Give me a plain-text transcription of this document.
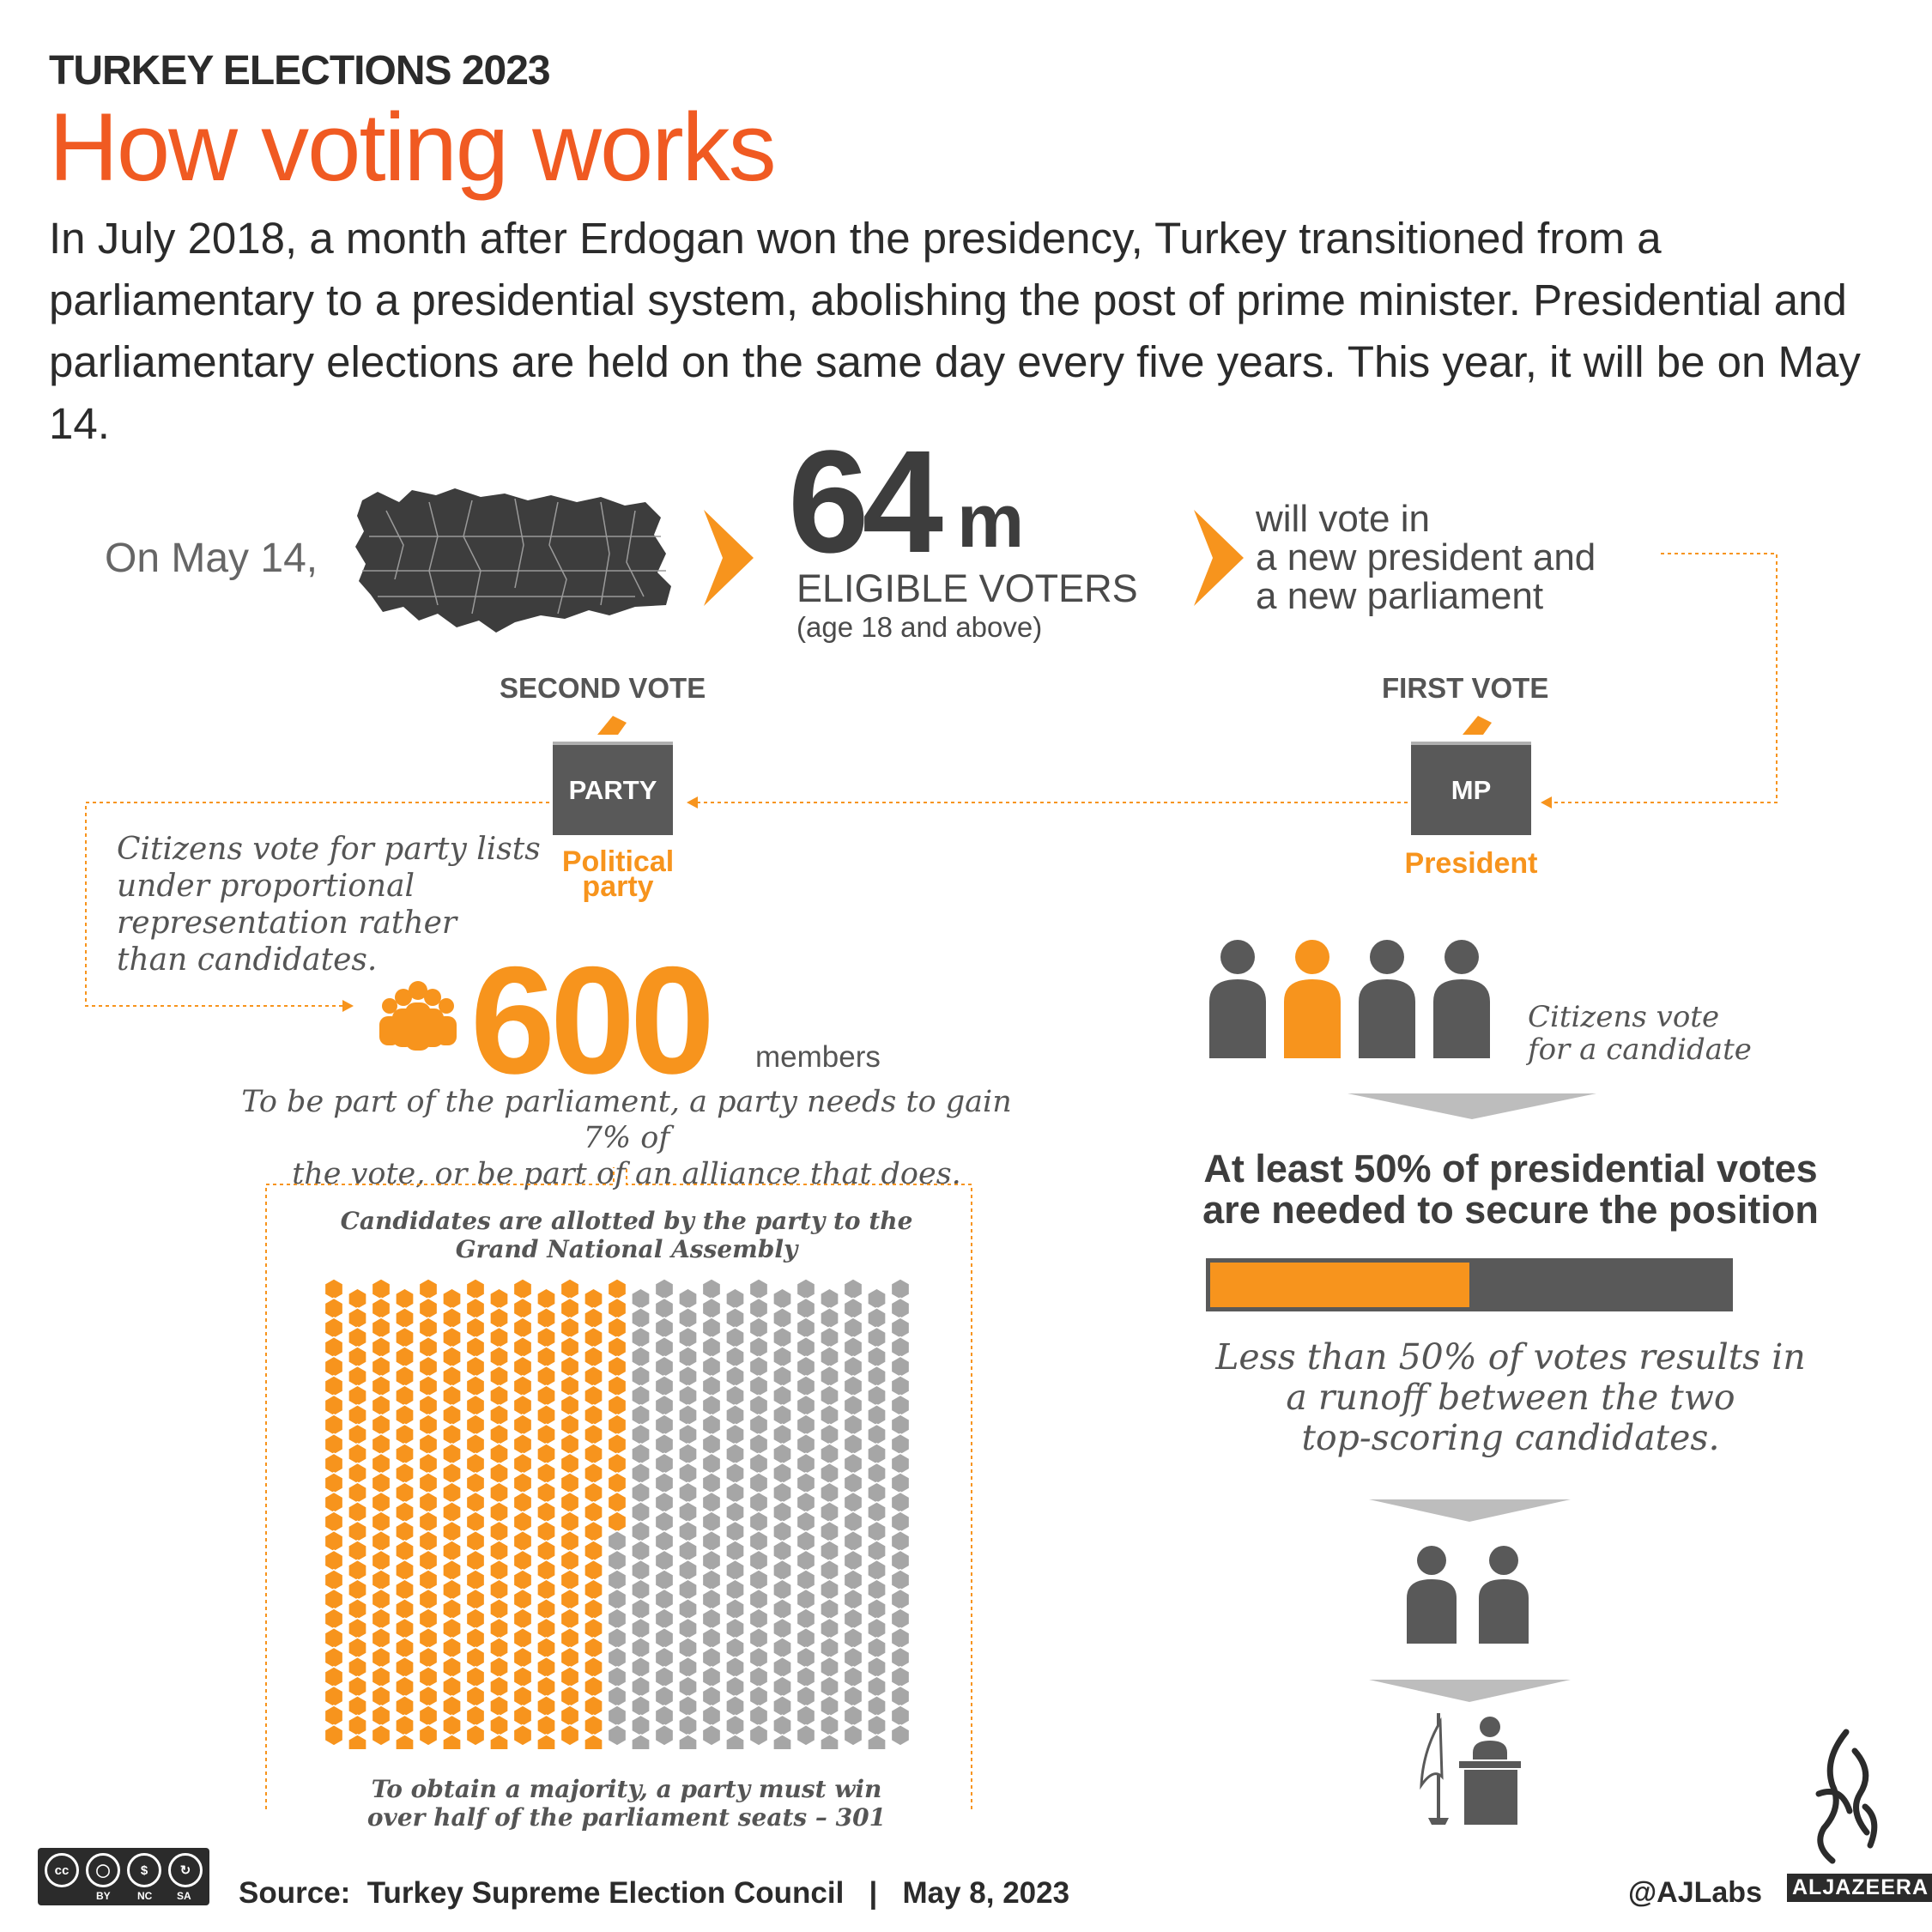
TURKEY ELECTIONS 2023
How voting works
In July 2018, a month after Erdogan won the presidency, Turkey transitioned from a parliamentary to a presidential system, abolishing the post of prime minister. Presidential and parliamentary elections are held on the same day every five years. This year, it will be on May 14.
On May 14,	64 m
ELIGIBLE VOTERS
(age 18 and above)
will vote in
a new president and
a new parliament
SECOND VOTE
PARTY
Political
party
Citizens vote for party lists
under proportional
representation rather
than candidates.
FIRST VOTE
MP
President
600 members
To be part of the parliament, a party needs to gain 7% of
the vote, or be part of an alliance that does.
Candidates are allotted by the party to the
Grand National Assembly
To obtain a majority, a party must win
over half of the parliament seats – 301
Citizens vote
for a candidate
At least 50% of presidential votes
are needed to secure the position
Less than 50% of votes results in
a runoff between the two
top-scoring candidates.
cc	◯	$	↻
BY	NC SA Source:  Turkey Supreme Election Council   |   May 8, 2023	@AJLabs ALJAZEERA
